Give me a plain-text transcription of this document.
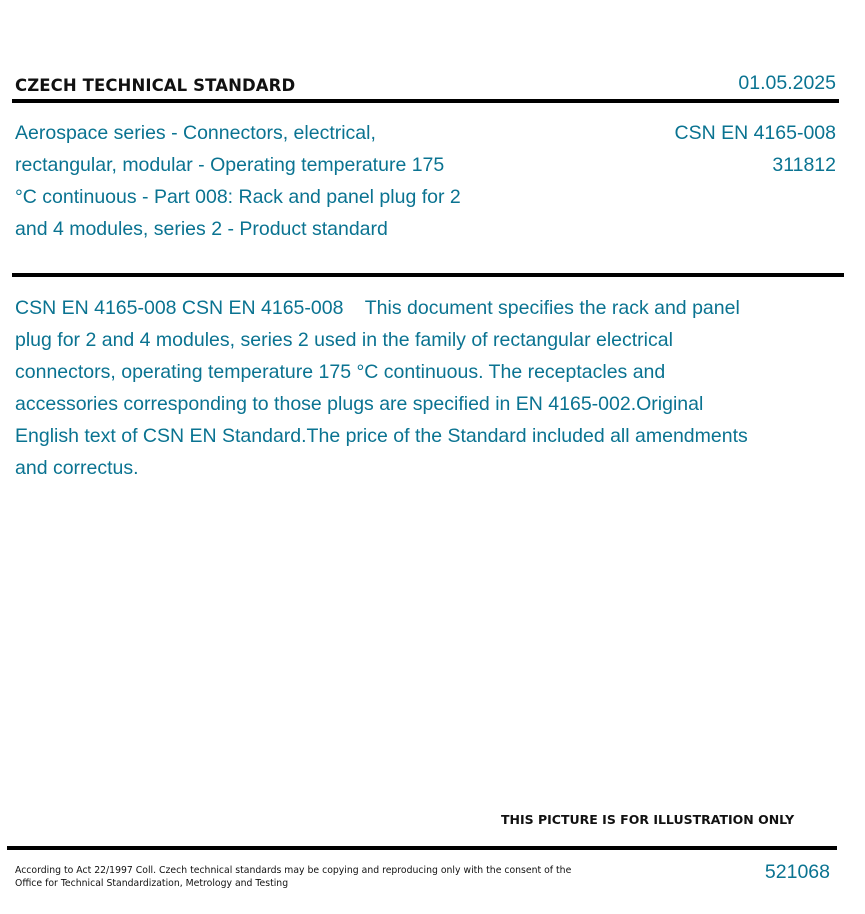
CZECH TECHNICAL STANDARD	01.05.2025
Aerospace series - Connectors, electrical, rectangular, modular - Operating temperature 175 °C continuous - Part 008: Rack and panel plug for 2 and 4 modules, series 2 - Product standard
CSN EN 4165-008
311812
CSN EN 4165-008 CSN EN 4165-008    This document specifies the rack and panel plug for 2 and 4 modules, series 2 used in the family of rectangular electrical connectors, operating temperature 175 °C continuous. The receptacles and accessories corresponding to those plugs are specified in EN 4165-002.Original English text of CSN EN Standard.The price of the Standard included all amendments and correctus.
THIS PICTURE IS FOR ILLUSTRATION ONLY
According to Act 22/1997 Coll. Czech technical standards may be copying and reproducing only with the consent of the Office for Technical Standardization, Metrology and Testing
521068
